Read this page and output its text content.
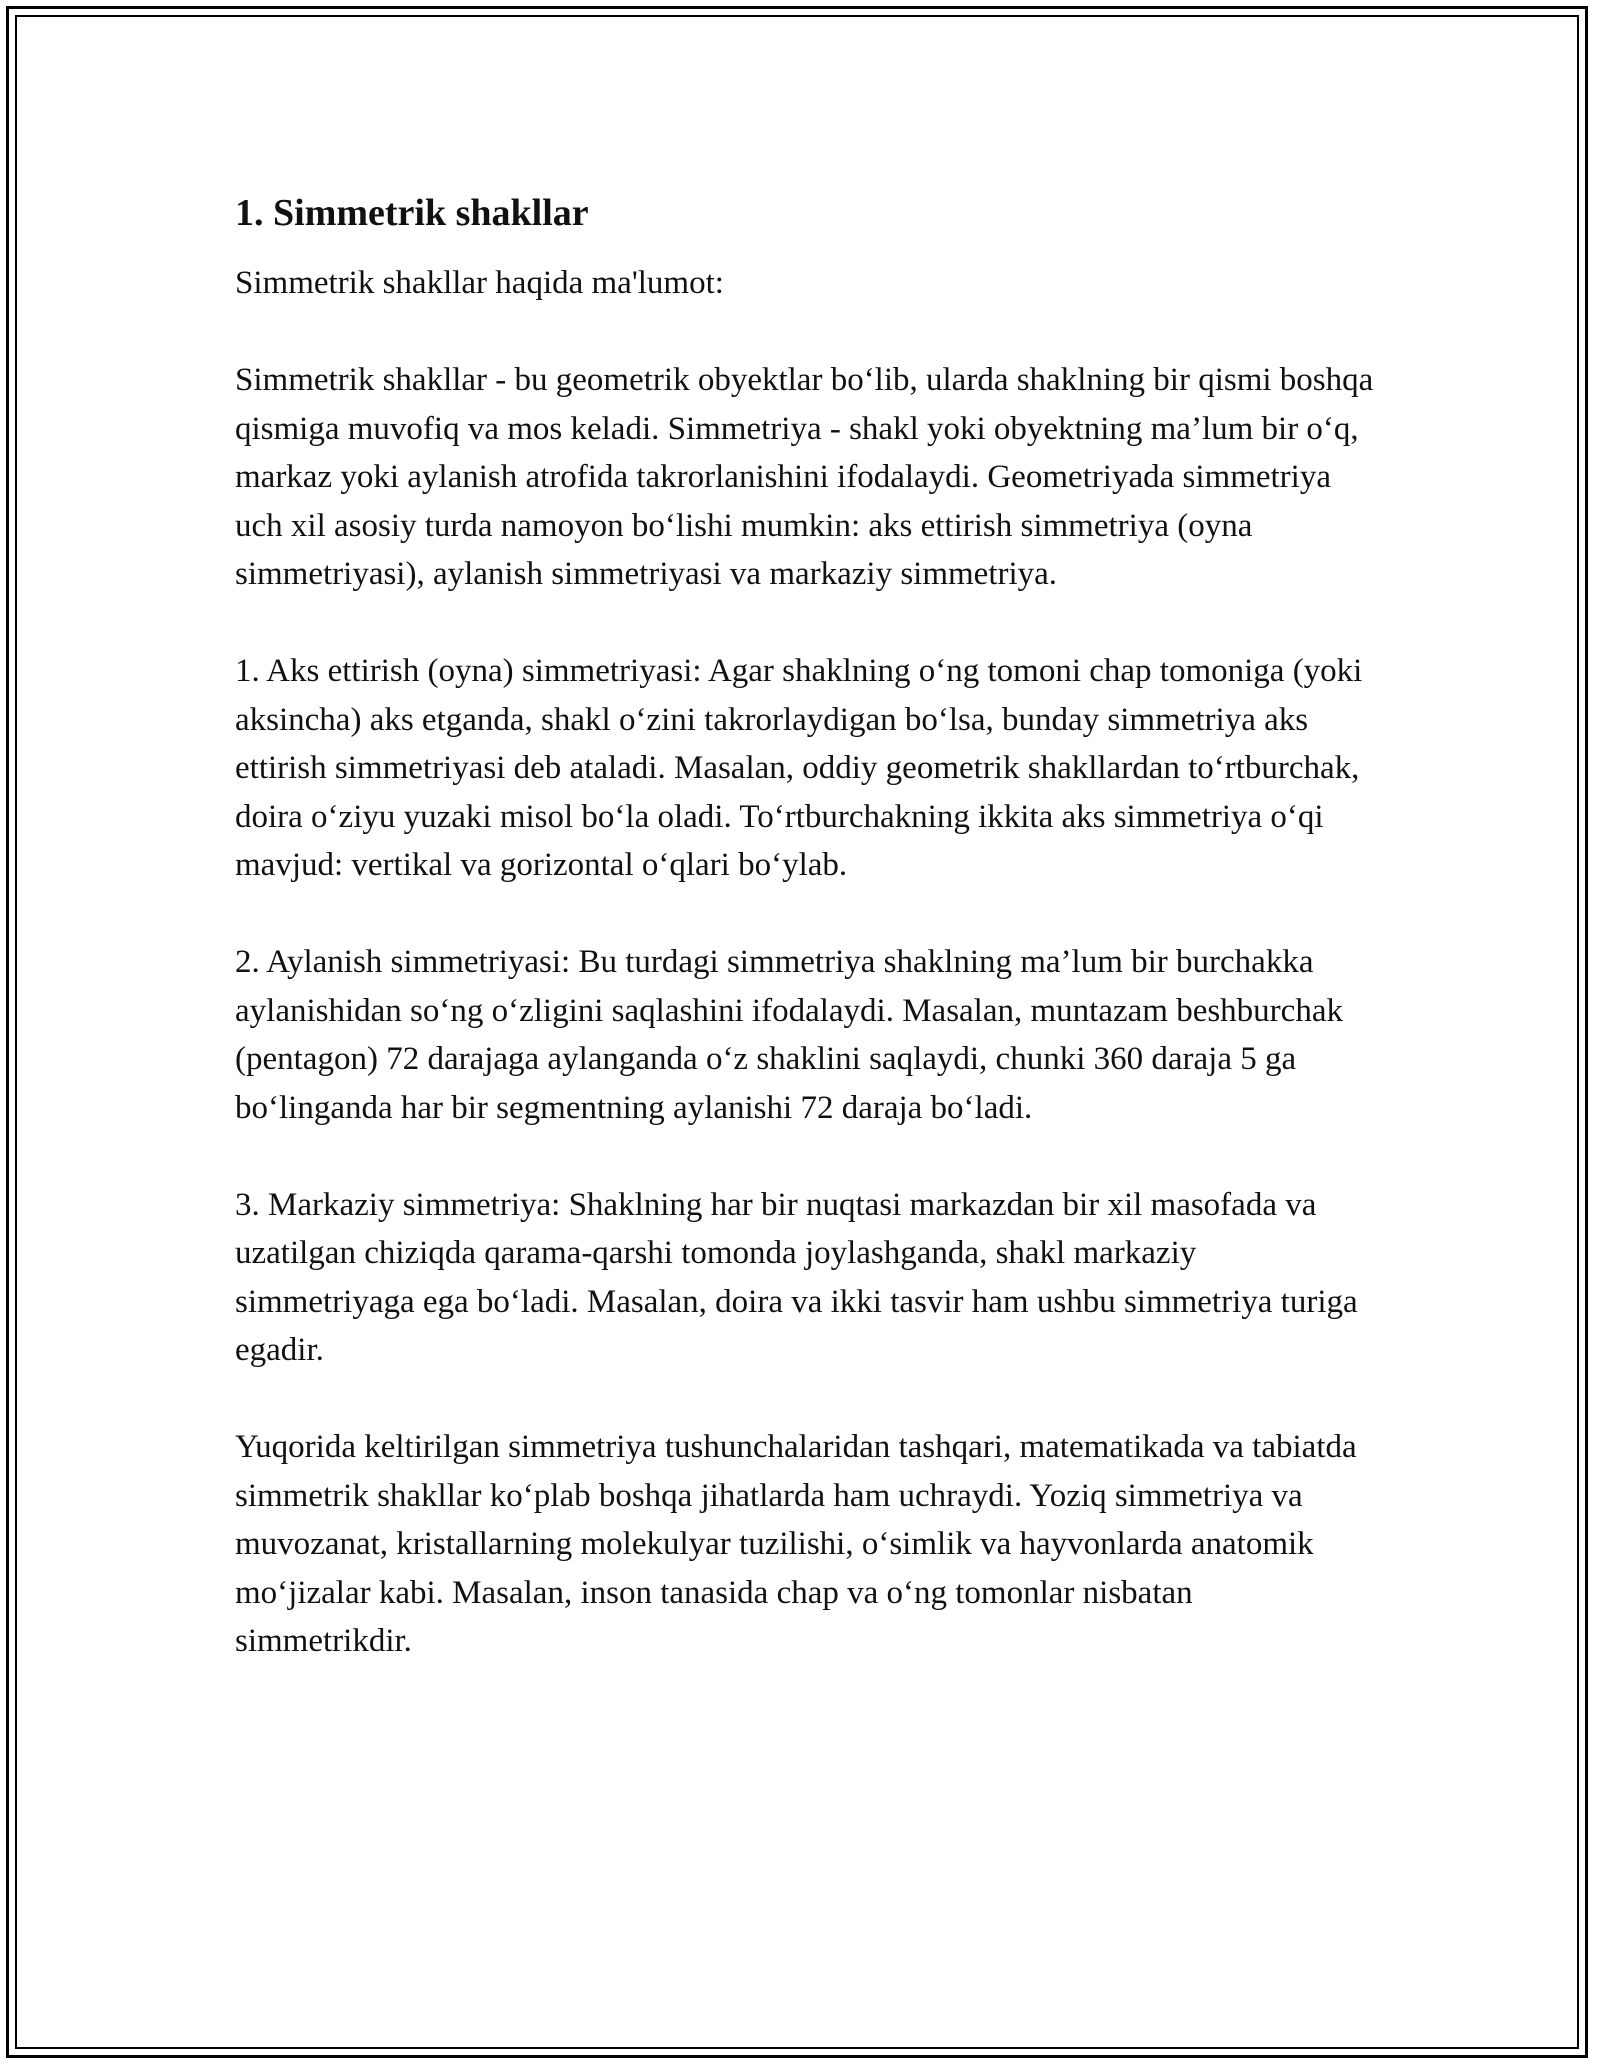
1. Simmetrik shakllar

Simmetrik shakllar haqida ma'lumot:

Simmetrik shakllar - bu geometrik obyektlar bo‘lib, ularda shaklning bir qismi boshqa qismiga muvofiq va mos keladi. Simmetriya - shakl yoki obyektning ma’lum bir o‘q, markaz yoki aylanish atrofida takrorlanishini ifodalaydi. Geometriyada simmetriya uch xil asosiy turda namoyon bo‘lishi mumkin: aks ettirish simmetriya (oyna simmetriyasi), aylanish simmetriyasi va markaziy simmetriya.

1. Aks ettirish (oyna) simmetriyasi: Agar shaklning o‘ng tomoni chap tomoniga (yoki aksincha) aks etganda, shakl o‘zini takrorlaydigan bo‘lsa, bunday simmetriya aks ettirish simmetriyasi deb ataladi. Masalan, oddiy geometrik shakllardan to‘rtburchak, doira o‘ziyu yuzaki misol bo‘la oladi. To‘rtburchakning ikkita aks simmetriya o‘qi mavjud: vertikal va gorizontal o‘qlari bo‘ylab.

2. Aylanish simmetriyasi: Bu turdagi simmetriya shaklning ma’lum bir burchakka aylanishidan so‘ng o‘zligini saqlashini ifodalaydi. Masalan, muntazam beshburchak (pentagon) 72 darajaga aylanganda o‘z shaklini saqlaydi, chunki 360 daraja 5 ga bo‘linganda har bir segmentning aylanishi 72 daraja bo‘ladi.

3. Markaziy simmetriya: Shaklning har bir nuqtasi markazdan bir xil masofada va uzatilgan chiziqda qarama-qarshi tomonda joylashganda, shakl markaziy simmetriyaga ega bo‘ladi. Masalan, doira va ikki tasvir ham ushbu simmetriya turiga egadir.

Yuqorida keltirilgan simmetriya tushunchalaridan tashqari, matematikada va tabiatda simmetrik shakllar ko‘plab boshqa jihatlarda ham uchraydi. Yoziq simmetriya va muvozanat, kristallarning molekulyar tuzilishi, o‘simlik va hayvonlarda anatomik mo‘jizalar kabi. Masalan, inson tanasida chap va o‘ng tomonlar nisbatan simmetrikdir.
